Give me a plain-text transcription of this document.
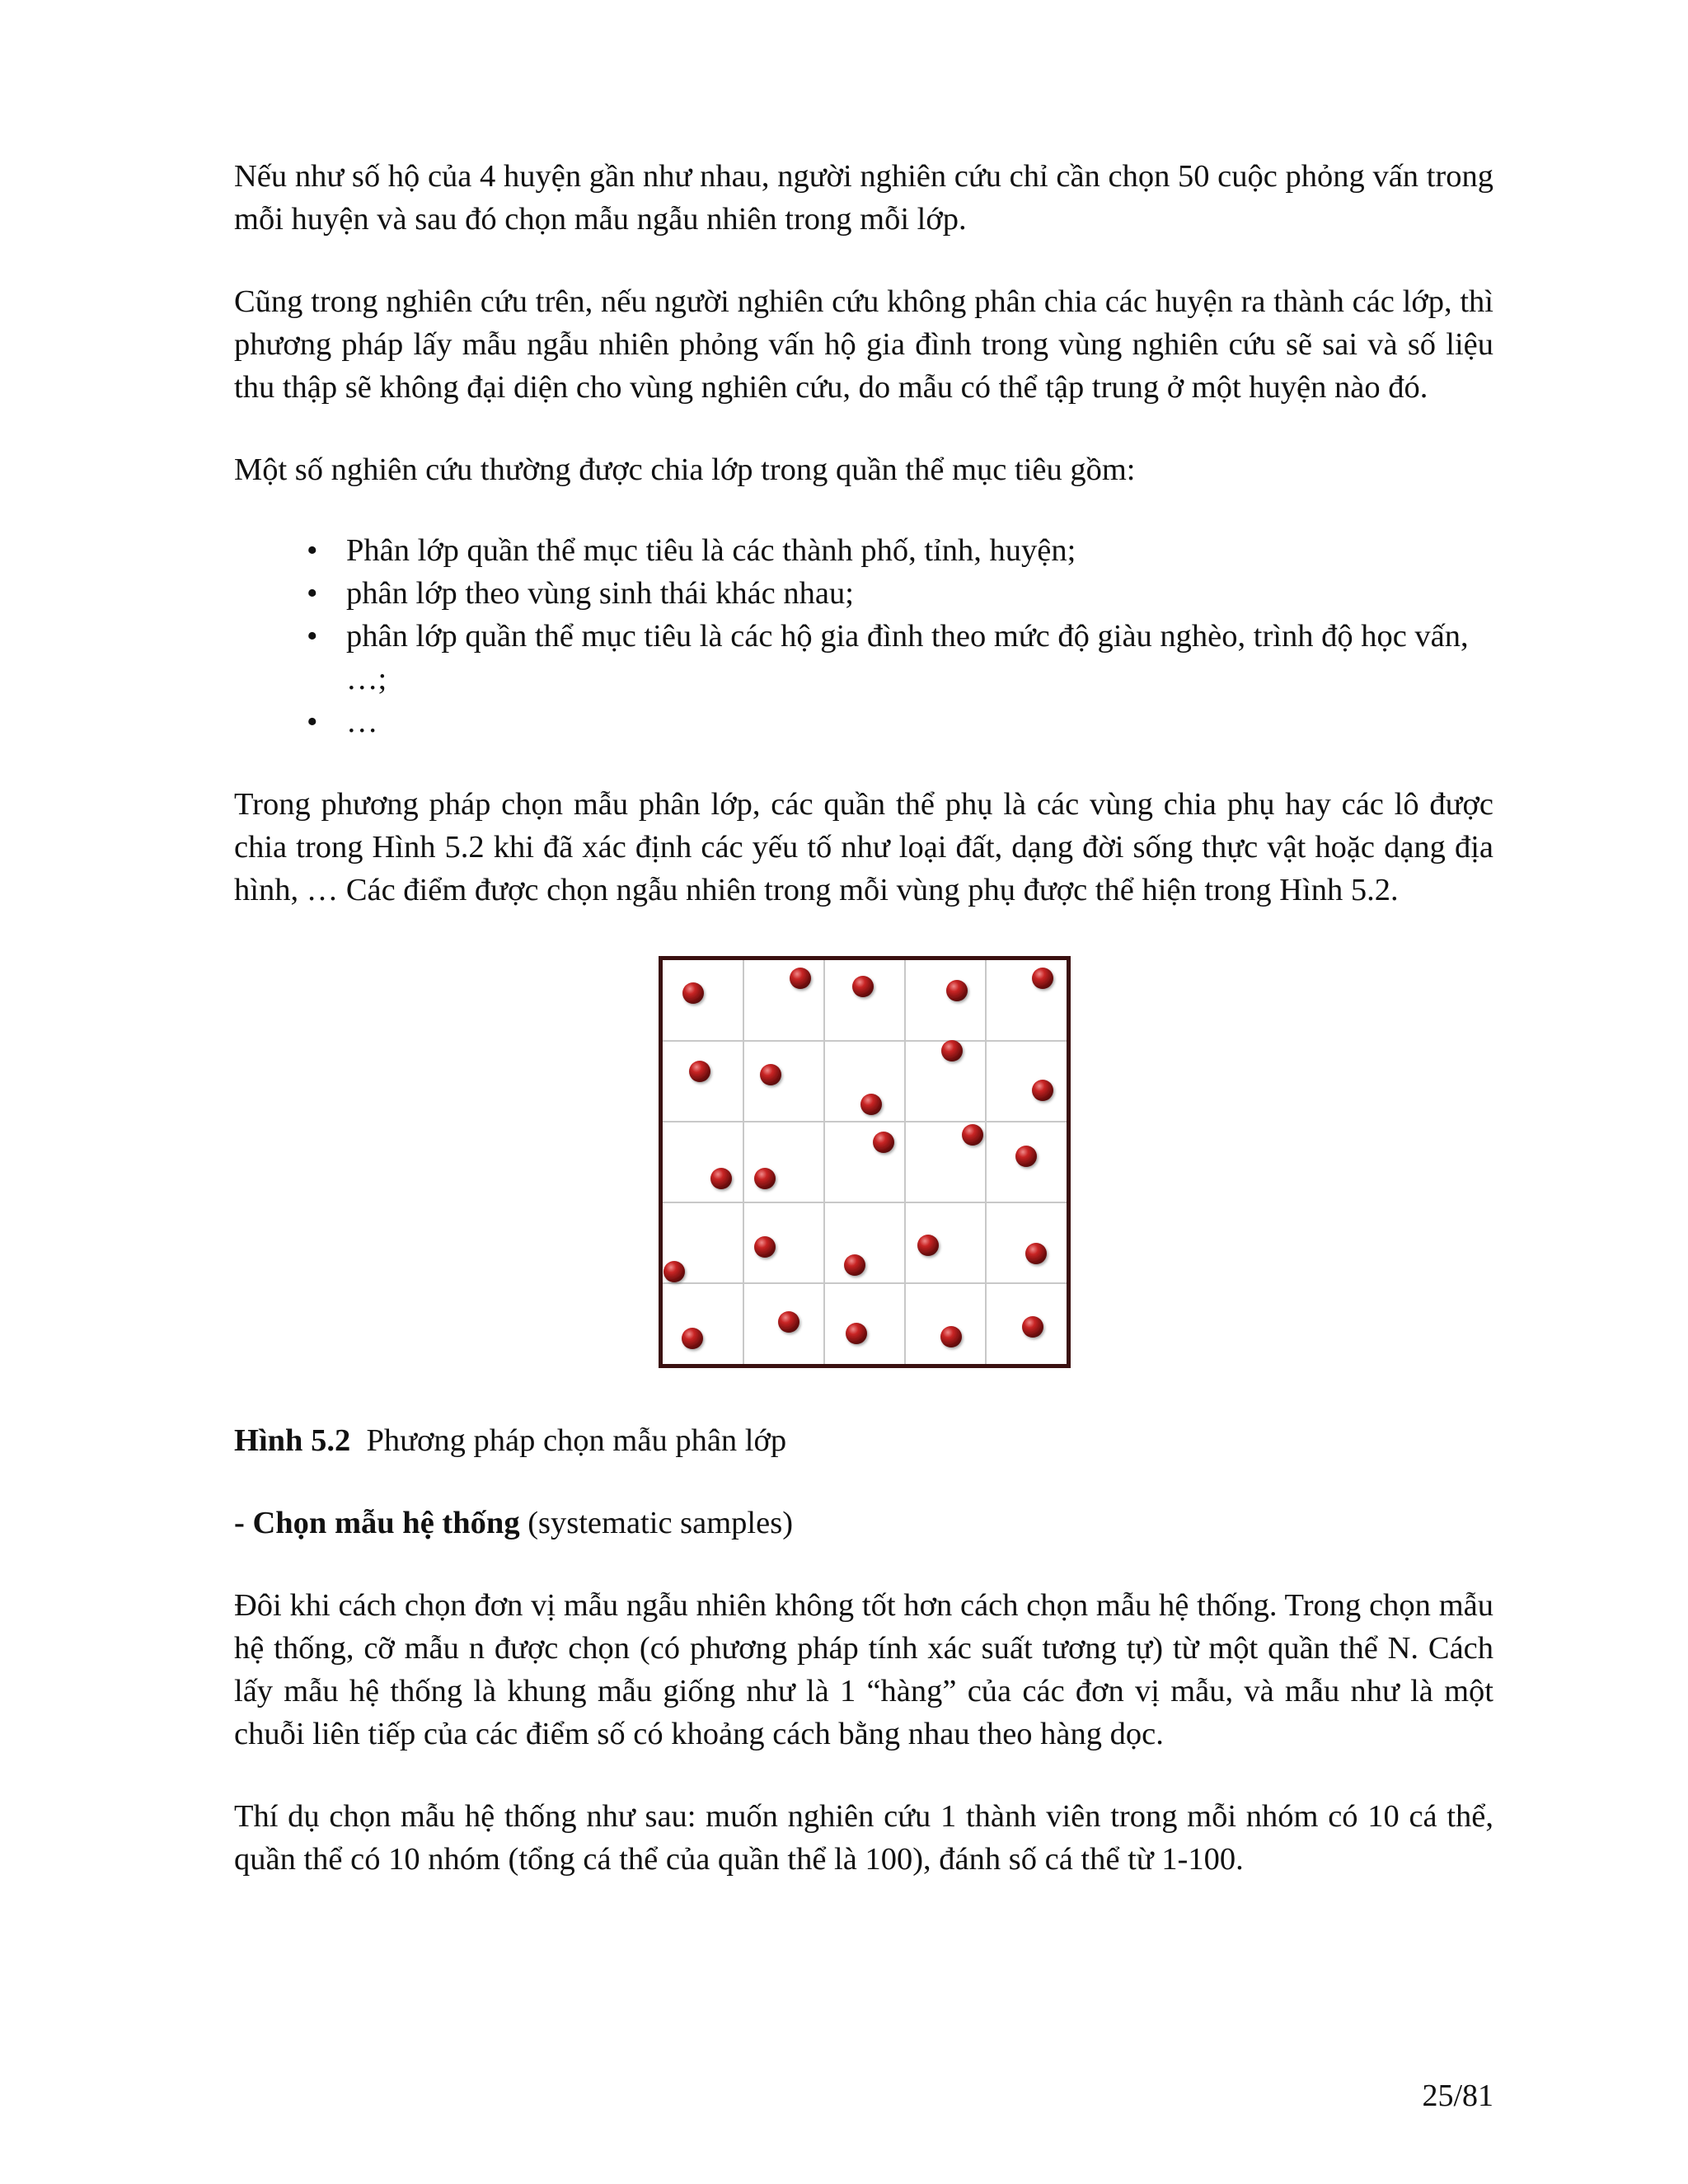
Nếu như số hộ của 4 huyện gần như nhau, người nghiên cứu chỉ cần chọn 50 cuộc phỏng vấn trong mỗi huyện và sau đó chọn mẫu ngẫu nhiên trong mỗi lớp.

Cũng trong nghiên cứu trên, nếu người nghiên cứu không phân chia các huyện ra thành các lớp, thì phương pháp lấy mẫu ngẫu nhiên phỏng vấn hộ gia đình trong vùng nghiên cứu sẽ sai và số liệu thu thập sẽ không đại diện cho vùng nghiên cứu, do mẫu có thể tập trung ở một huyện nào đó.

Một số nghiên cứu thường được chia lớp trong quần thể mục tiêu gồm:

• Phân lớp quần thể mục tiêu là các thành phố, tỉnh, huyện;
• phân lớp theo vùng sinh thái khác nhau;
• phân lớp quần thể mục tiêu là các hộ gia đình theo mức độ giàu nghèo, trình độ học vấn, …;
• …

Trong phương pháp chọn mẫu phân lớp, các quần thể phụ là các vùng chia phụ hay các lô được chia trong Hình 5.2 khi đã xác định các yếu tố như loại đất, dạng đời sống thực vật hoặc dạng địa hình, … Các điểm được chọn ngẫu nhiên trong mỗi vùng phụ được thể hiện trong Hình 5.2.

Hình 5.2 Phương pháp chọn mẫu phân lớp

- Chọn mẫu hệ thống (systematic samples)

Đôi khi cách chọn đơn vị mẫu ngẫu nhiên không tốt hơn cách chọn mẫu hệ thống. Trong chọn mẫu hệ thống, cỡ mẫu n được chọn (có phương pháp tính xác suất tương tự) từ một quần thể N. Cách lấy mẫu hệ thống là khung mẫu giống như là 1 “hàng” của các đơn vị mẫu, và mẫu như là một chuỗi liên tiếp của các điểm số có khoảng cách bằng nhau theo hàng dọc.

Thí dụ chọn mẫu hệ thống như sau: muốn nghiên cứu 1 thành viên trong mỗi nhóm có 10 cá thể, quần thể có 10 nhóm (tổng cá thể của quần thể là 100), đánh số cá thể từ 1-100.

25/81
